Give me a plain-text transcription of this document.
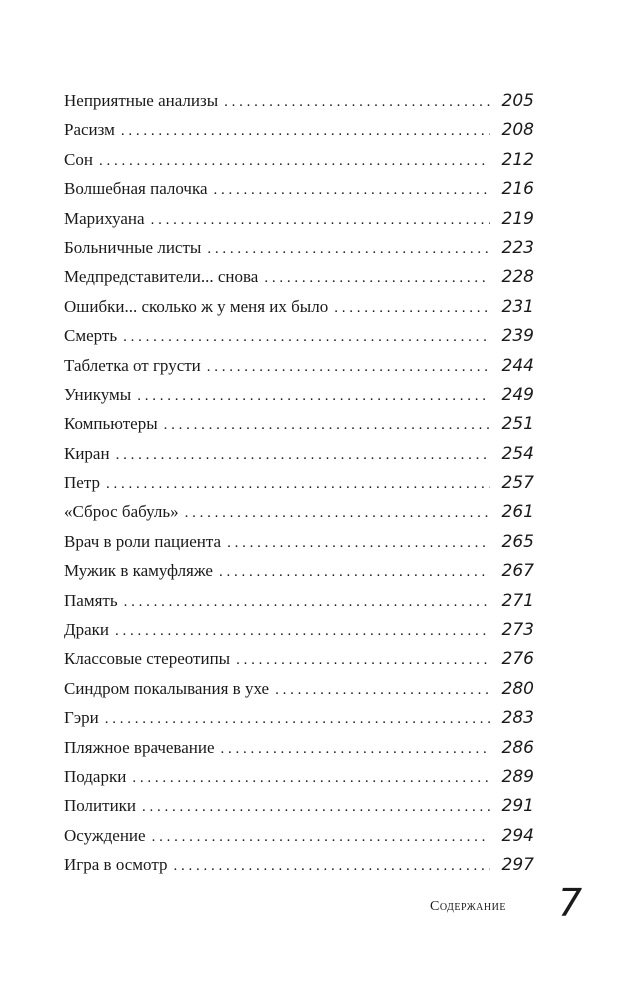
Неприятные анализы . . .	205
Расизм . . .	208
Сон . . .	212
Волшебная палочка . . .	216
Марихуана . . .	219
Больничные листы . . .	223
Медпредставители... снова . . .	228
Ошибки... сколько ж у меня их было . . .	231
Смерть . . .	239
Таблетка от грусти . . .	244
Уникумы . . .	249
Компьютеры . . .	251
Киран . . .	254
Петр . . .	257
«Сброс бабуль» . . .	261
Врач в роли пациента . . .	265
Мужик в камуфляже . . .	267
Память . . .	271
Драки . . .	273
Классовые стереотипы . . .	276
Синдром покалывания в ухе . . .	280
Гэри . . .	283
Пляжное врачевание . . .	286
Подарки . . .	289
Политики . . .	291
Осуждение . . .	294
Игра в осмотр . . .	297
Содержание 7
